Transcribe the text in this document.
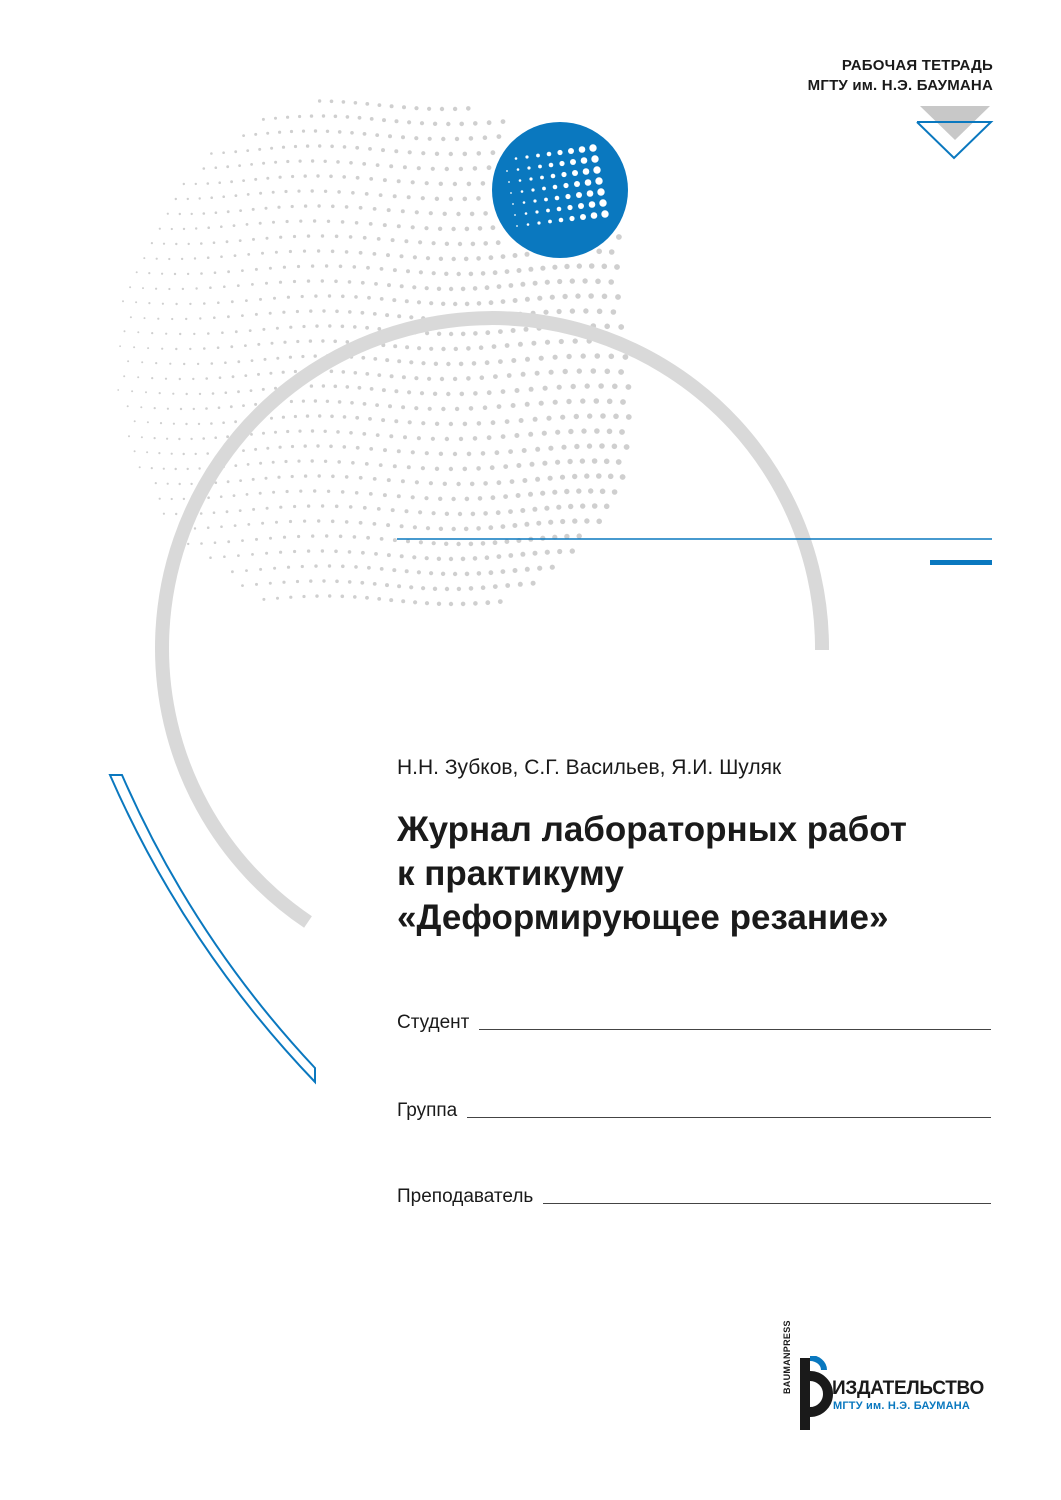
РАБОЧАЯ ТЕТРАДЬ
МГТУ им. Н.Э. БАУМАНА
Н.Н. Зубков, С.Г. Васильев, Я.И. Шуляк
Журнал лабораторных работ
к практикуму
«Деформирующее резание»
Студент
Группа
Преподаватель
BAUMANPRESS ИЗДАТЕЛЬСТВО
МГТУ им. Н.Э. БАУМАНА
